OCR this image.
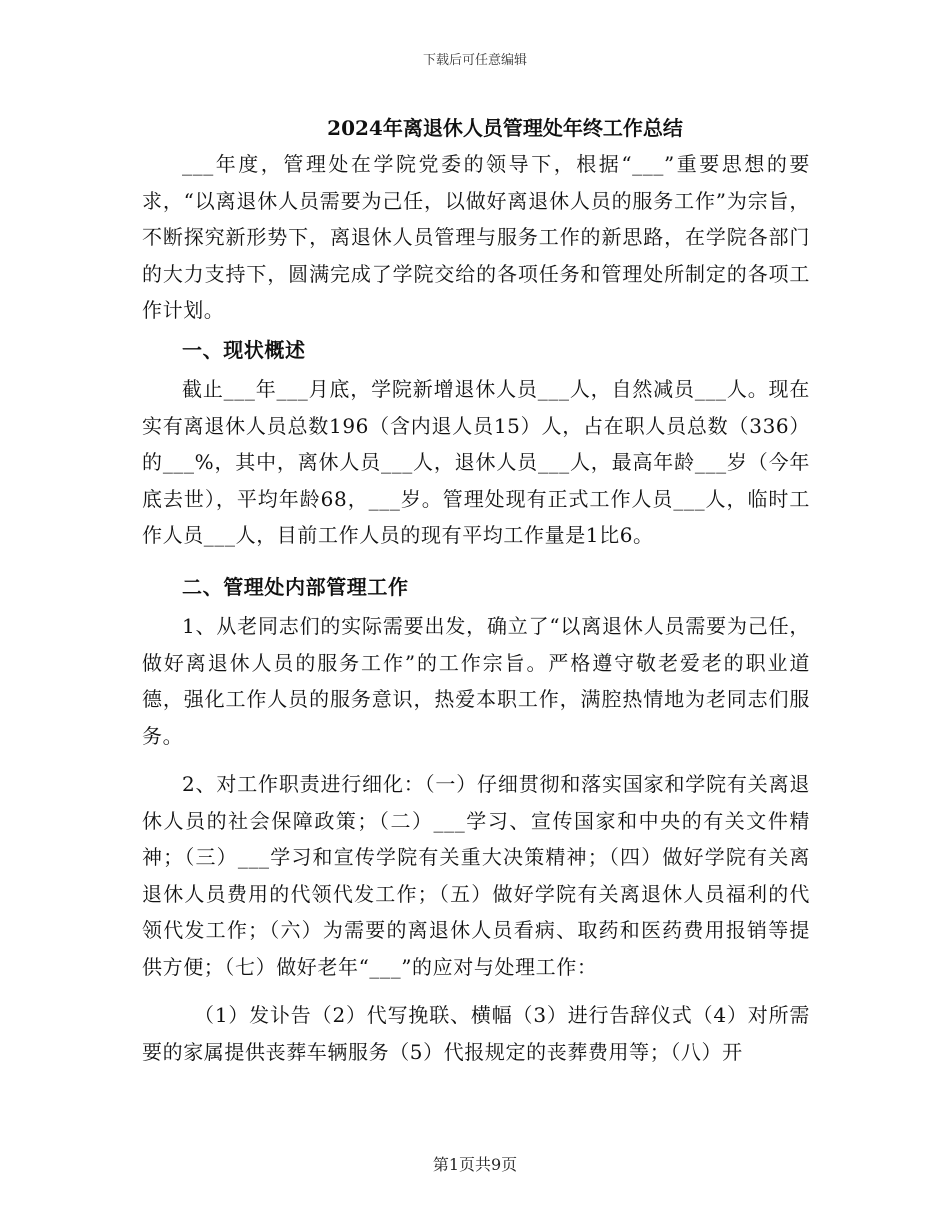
下载后可任意编辑
2024年离退休人员管理处年终工作总结

___年度，管理处在学院党委的领导下，根据“___”重要思想的要求，“以离退休人员需要为己任，以做好离退休人员的服务工作”为宗旨，不断探究新形势下，离退休人员管理与服务工作的新思路，在学院各部门的大力支持下，圆满完成了学院交给的各项任务和管理处所制定的各项工作计划。

一、现状概述

截止___年___月底，学院新增退休人员___人，自然减员___人。现在实有离退休人员总数196（含内退人员15）人，占在职人员总数（336）的___%，其中，离休人员___人，退休人员___人，最高年龄___岁（今年底去世），平均年龄68，___岁。管理处现有正式工作人员___人，临时工作人员___人，目前工作人员的现有平均工作量是1比6。

二、管理处内部管理工作

1、从老同志们的实际需要出发，确立了“以离退休人员需要为己任，做好离退休人员的服务工作”的工作宗旨。严格遵守敬老爱老的职业道德，强化工作人员的服务意识，热爱本职工作，满腔热情地为老同志们服务。

2、对工作职责进行细化：（一）仔细贯彻和落实国家和学院有关离退休人员的社会保障政策；（二）___学习、宣传国家和中央的有关文件精神；（三）___学习和宣传学院有关重大决策精神；（四）做好学院有关离退休人员费用的代领代发工作；（五）做好学院有关离退休人员福利的代领代发工作；（六）为需要的离退休人员看病、取药和医药费用报销等提供方便；（七）做好老年“___”的应对与处理工作：

（1）发讣告（2）代写挽联、横幅（3）进行告辞仪式（4）对所需要的家属提供丧葬车辆服务（5）代报规定的丧葬费用等；（八）开

第1页共9页
